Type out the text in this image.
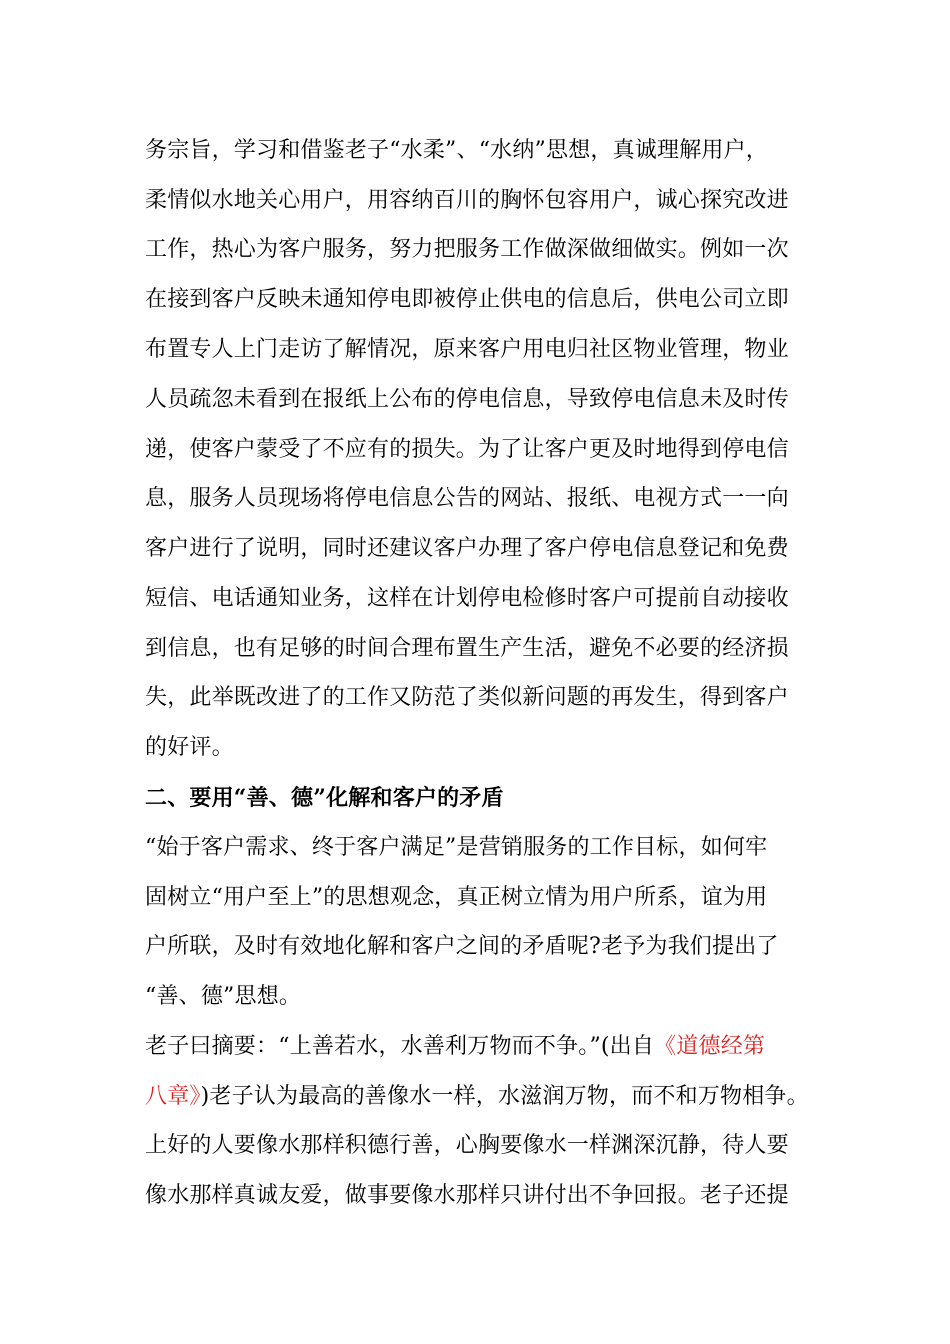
务宗旨，学习和借鉴老子“水柔”、“水纳”思想，真诚理解用户，
柔情似水地关心用户，用容纳百川的胸怀包容用户，诚心探究改进
工作，热心为客户服务，努力把服务工作做深做细做实。例如一次
在接到客户反映未通知停电即被停止供电的信息后，供电公司立即
布置专人上门走访了解情况，原来客户用电归社区物业管理，物业
人员疏忽未看到在报纸上公布的停电信息，导致停电信息未及时传
递，使客户蒙受了不应有的损失。为了让客户更及时地得到停电信
息，服务人员现场将停电信息公告的网站、报纸、电视方式一一向
客户进行了说明，同时还建议客户办理了客户停电信息登记和免费
短信、电话通知业务，这样在计划停电检修时客户可提前自动接收
到信息，也有足够的时间合理布置生产生活，避免不必要的经济损
失，此举既改进了的工作又防范了类似新问题的再发生，得到客户
的好评。
二、要用“善、德”化解和客户的矛盾
“始于客户需求、终于客户满足”是营销服务的工作目标，如何牢
固树立“用户至上”的思想观念，真正树立情为用户所系，谊为用
户所联，及时有效地化解和客户之间的矛盾呢?老予为我们提出了
“善、德”思想。
老子曰摘要：“上善若水，水善利万物而不争。”(出自《道德经第
八章》)老子认为最高的善像水一样，水滋润万物，而不和万物相争。
上好的人要像水那样积德行善，心胸要像水一样渊深沉静，待人要
像水那样真诚友爱，做事要像水那样只讲付出不争回报。老子还提
